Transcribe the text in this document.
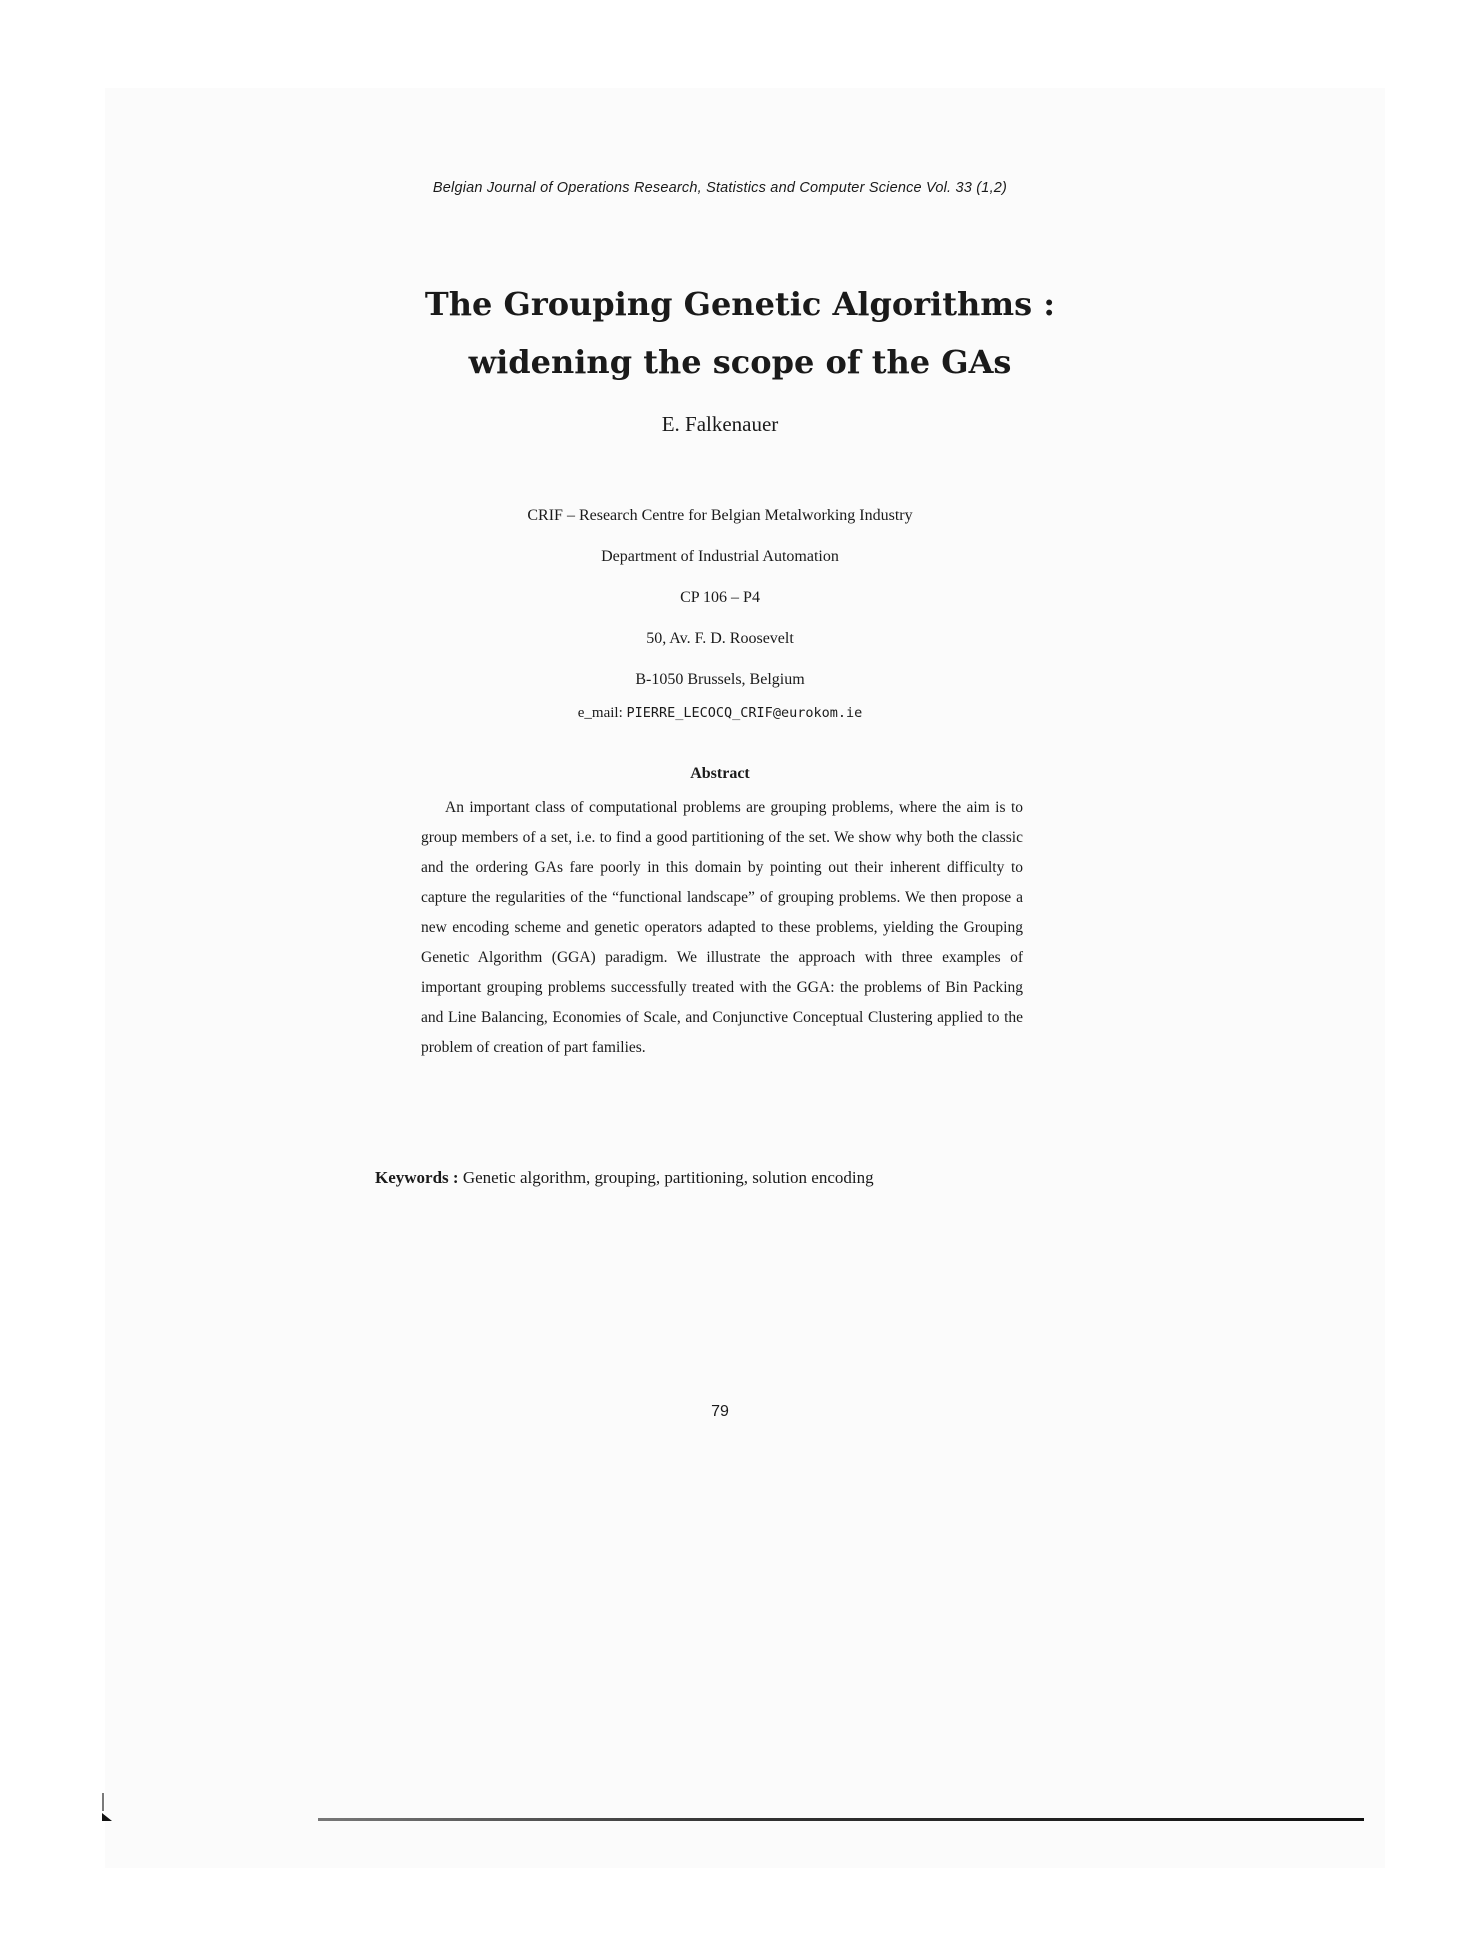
Belgian Journal of Operations Research, Statistics and Computer Science Vol. 33 (1,2)
The Grouping Genetic Algorithms :
widening the scope of the GAs
E. Falkenauer
CRIF – Research Centre for Belgian Metalworking Industry
Department of Industrial Automation
CP 106 – P4
50, Av. F. D. Roosevelt
B-1050 Brussels, Belgium
e_mail: PIERRE_LECOCQ_CRIF@eurokom.ie
Abstract
An important class of computational problems are grouping problems, where the aim is to group members of a set, i.e. to find a good partitioning of the set. We show why both the classic and the ordering GAs fare poorly in this domain by pointing out their inherent difficulty to capture the regularities of the “functional landscape” of grouping problems. We then propose a new encoding scheme and genetic operators adapted to these problems, yielding the Grouping Genetic Algorithm (GGA) paradigm. We illustrate the approach with three examples of important grouping problems successfully treated with the GGA: the problems of Bin Packing and Line Balancing, Economies of Scale, and Conjunctive Conceptual Clustering applied to the problem of creation of part families.
Keywords : Genetic algorithm, grouping, partitioning, solution encoding
79
